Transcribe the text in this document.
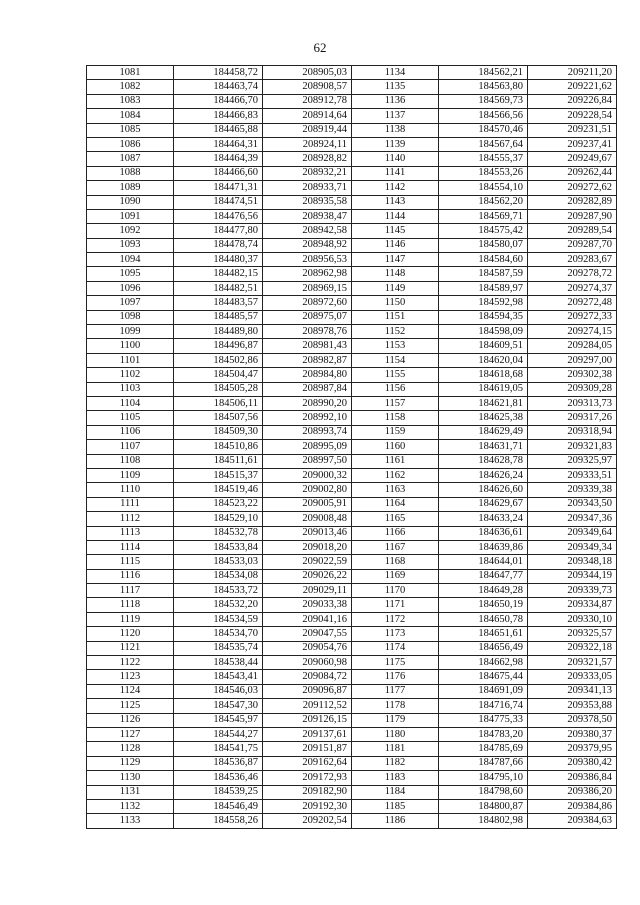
62
1081	184458,72	208905,03	1134	184562,21	209211,20
1082	184463,74	208908,57	1135	184563,80	209221,62
1083	184466,70	208912,78	1136	184569,73	209226,84
1084	184466,83	208914,64	1137	184566,56	209228,54
1085	184465,88	208919,44	1138	184570,46	209231,51
1086	184464,31	208924,11	1139	184567,64	209237,41
1087	184464,39	208928,82	1140	184555,37	209249,67
1088	184466,60	208932,21	1141	184553,26	209262,44
1089	184471,31	208933,71	1142	184554,10	209272,62
1090	184474,51	208935,58	1143	184562,20	209282,89
1091	184476,56	208938,47	1144	184569,71	209287,90
1092	184477,80	208942,58	1145	184575,42	209289,54
1093	184478,74	208948,92	1146	184580,07	209287,70
1094	184480,37	208956,53	1147	184584,60	209283,67
1095	184482,15	208962,98	1148	184587,59	209278,72
1096	184482,51	208969,15	1149	184589,97	209274,37
1097	184483,57	208972,60	1150	184592,98	209272,48
1098	184485,57	208975,07	1151	184594,35	209272,33
1099	184489,80	208978,76	1152	184598,09	209274,15
1100	184496,87	208981,43	1153	184609,51	209284,05
1101	184502,86	208982,87	1154	184620,04	209297,00
1102	184504,47	208984,80	1155	184618,68	209302,38
1103	184505,28	208987,84	1156	184619,05	209309,28
1104	184506,11	208990,20	1157	184621,81	209313,73
1105	184507,56	208992,10	1158	184625,38	209317,26
1106	184509,30	208993,74	1159	184629,49	209318,94
1107	184510,86	208995,09	1160	184631,71	209321,83
1108	184511,61	208997,50	1161	184628,78	209325,97
1109	184515,37	209000,32	1162	184626,24	209333,51
1110	184519,46	209002,80	1163	184626,60	209339,38
1111	184523,22	209005,91	1164	184629,67	209343,50
1112	184529,10	209008,48	1165	184633,24	209347,36
1113	184532,78	209013,46	1166	184636,61	209349,64
1114	184533,84	209018,20	1167	184639,86	209349,34
1115	184533,03	209022,59	1168	184644,01	209348,18
1116	184534,08	209026,22	1169	184647,77	209344,19
1117	184533,72	209029,11	1170	184649,28	209339,73
1118	184532,20	209033,38	1171	184650,19	209334,87
1119	184534,59	209041,16	1172	184650,78	209330,10
1120	184534,70	209047,55	1173	184651,61	209325,57
1121	184535,74	209054,76	1174	184656,49	209322,18
1122	184538,44	209060,98	1175	184662,98	209321,57
1123	184543,41	209084,72	1176	184675,44	209333,05
1124	184546,03	209096,87	1177	184691,09	209341,13
1125	184547,30	209112,52	1178	184716,74	209353,88
1126	184545,97	209126,15	1179	184775,33	209378,50
1127	184544,27	209137,61	1180	184783,20	209380,37
1128	184541,75	209151,87	1181	184785,69	209379,95
1129	184536,87	209162,64	1182	184787,66	209380,42
1130	184536,46	209172,93	1183	184795,10	209386,84
1131	184539,25	209182,90	1184	184798,60	209386,20
1132	184546,49	209192,30	1185	184800,87	209384,86
1133	184558,26	209202,54	1186	184802,98	209384,63
